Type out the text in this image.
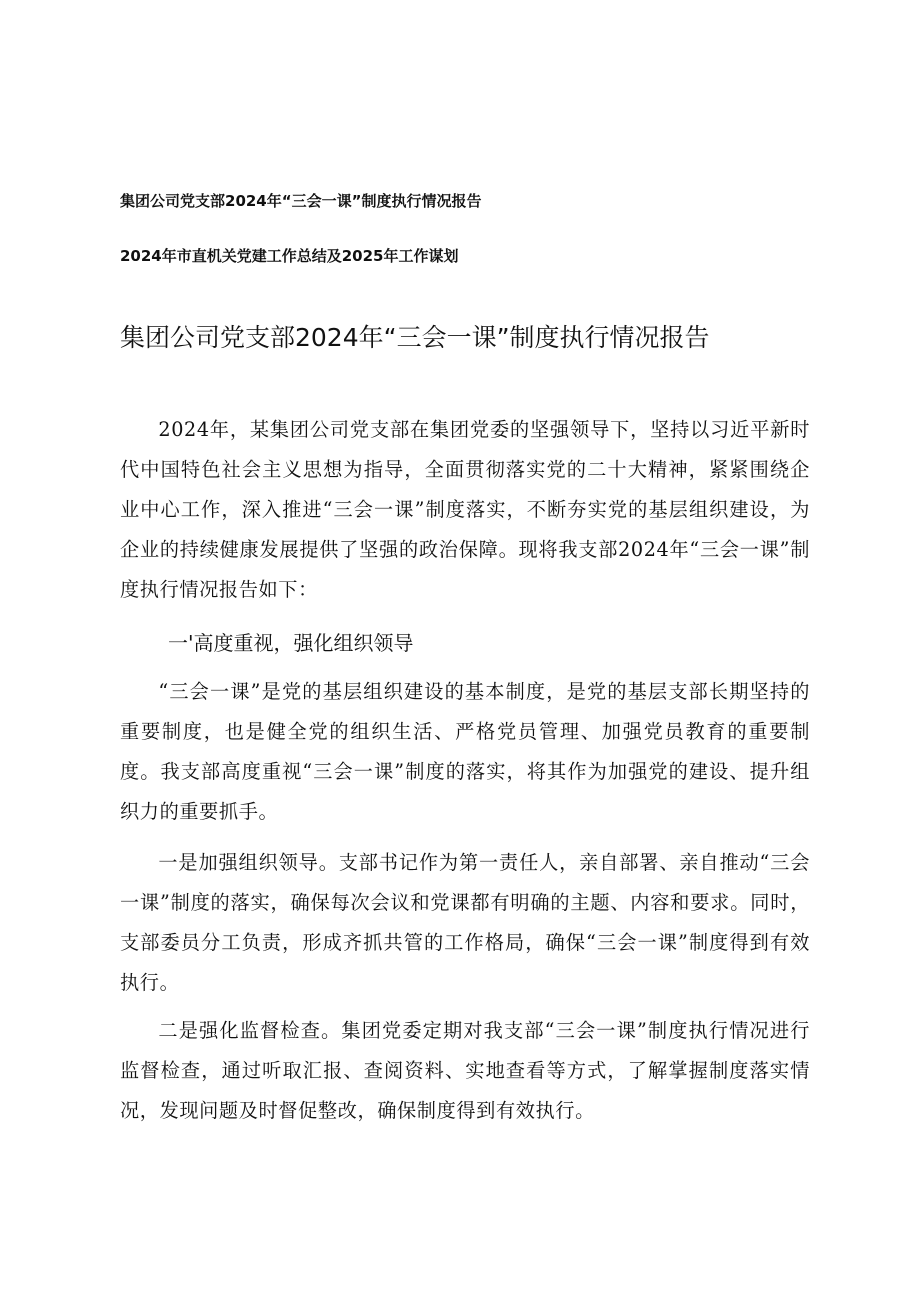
集团公司党支部2024年“三会一课”制度执行情况报告
2024年市直机关党建工作总结及2025年工作谋划
集团公司党支部2024年“三会一课”制度执行情况报告

2024年，某集团公司党支部在集团党委的坚强领导下，坚持以习近平新时代中国特色社会主义思想为指导，全面贯彻落实党的二十大精神，紧紧围绕企业中心工作，深入推进“三会一课”制度落实，不断夯实党的基层组织建设，为企业的持续健康发展提供了坚强的政治保障。现将我支部2024年“三会一课”制度执行情况报告如下：

一'高度重视，强化组织领导

“三会一课”是党的基层组织建设的基本制度，是党的基层支部长期坚持的重要制度，也是健全党的组织生活、严格党员管理、加强党员教育的重要制度。我支部高度重视“三会一课”制度的落实，将其作为加强党的建设、提升组织力的重要抓手。

一是加强组织领导。支部书记作为第一责任人，亲自部署、亲自推动“三会一课”制度的落实，确保每次会议和党课都有明确的主题、内容和要求。同时，支部委员分工负责，形成齐抓共管的工作格局，确保“三会一课”制度得到有效执行。

二是强化监督检查。集团党委定期对我支部“三会一课”制度执行情况进行监督检查，通过听取汇报、查阅资料、实地查看等方式，了解掌握制度落实情况，发现问题及时督促整改，确保制度得到有效执行。
